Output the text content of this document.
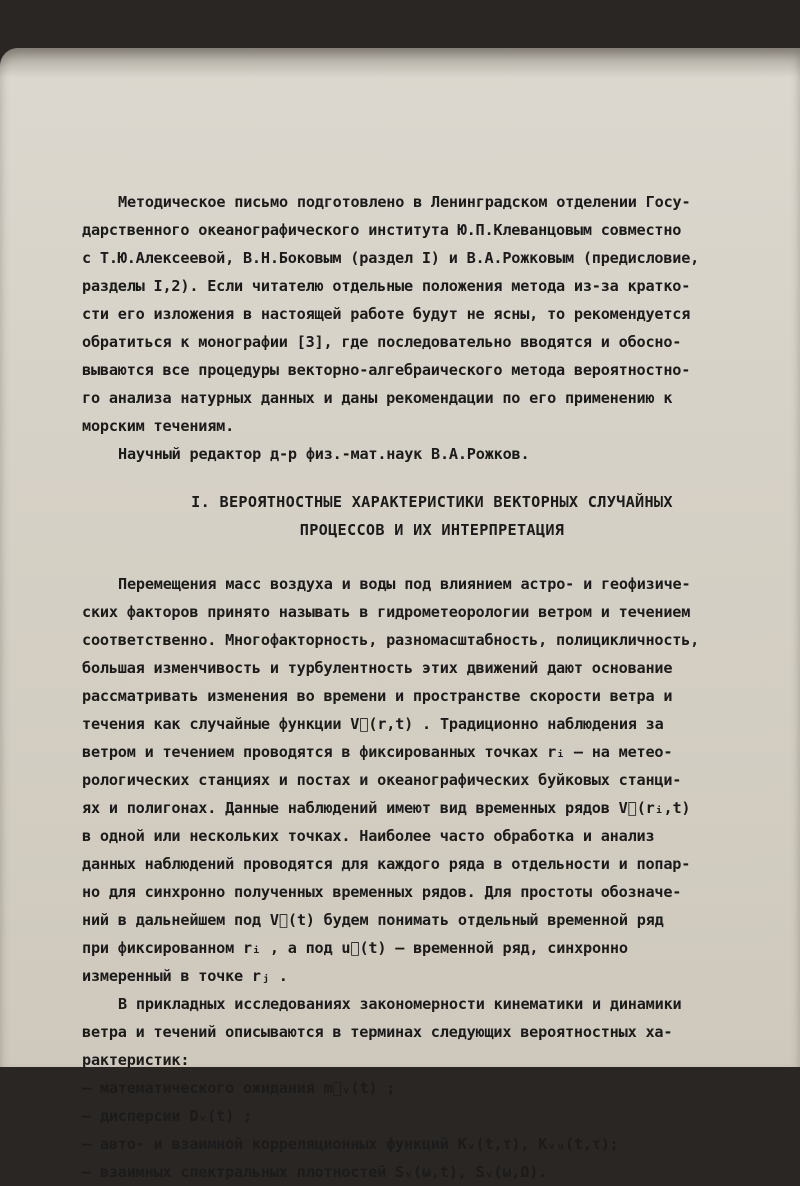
Методическое письмо подготовлено в Ленинградском отделении Госу-
дарственного океанографического института Ю.П.Клеванцовым совместно
с Т.Ю.Алексеевой, В.Н.Боковым (раздел I) и В.А.Рожковым (предисловие,
разделы I,2). Если читателю отдельные положения метода из-за кратко-
сти его изложения в настоящей работе будут не ясны, то рекомендуется
обратиться к монографии [3], где последовательно вводятся и обосно-
вываются все процедуры векторно-алгебраического метода вероятностно-
го анализа натурных данных и даны рекомендации по его применению к
морским течениям.
Научный редактор д-р физ.-мат.наук В.А.Рожков.
I. ВЕРОЯТНОСТНЫЕ ХАРАКТЕРИСТИКИ ВЕКТОРНЫХ СЛУЧАЙНЫХ
ПРОЦЕССОВ И ИХ ИНТЕРПРЕТАЦИЯ
Перемещения масс воздуха и воды под влиянием астро- и геофизиче-
ских факторов принято называть в гидрометеорологии ветром и течением
соответственно. Многофакторность, разномасштабность, полицикличность,
большая изменчивость и турбулентность этих движений дают основание
рассматривать изменения во времени и пространстве скорости ветра и
течения как случайные функции V⃗(r,t) . Традиционно наблюдения за
ветром и течением проводятся в фиксированных точках rᵢ – на метео-
рологических станциях и постах и океанографических буйковых станци-
ях и полигонах. Данные наблюдений имеют вид временных рядов V⃗(rᵢ,t)
в одной или нескольких точках. Наиболее часто обработка и анализ
данных наблюдений проводятся для каждого ряда в отдельности и попар-
но для синхронно полученных временных рядов. Для простоты обозначе-
ний в дальнейшем под V⃗(t) будем понимать отдельный временной ряд
при фиксированном rᵢ , а под u⃗(t) – временной ряд, синхронно
измеренный в точке rⱼ .
В прикладных исследованиях закономерности кинематики и динамики
ветра и течений описываются в терминах следующих вероятностных ха-
рактеристик:
– математического ожидания m⃗ᵥ(t) ;
– дисперсии Dᵥ(t) ;
– авто- и взаимной корреляционных функций Kᵥ(t,τ), Kᵥᵤ(t,τ);
– взаимных спектральных плотностей Sᵥ(ω,t), Sᵥ(ω,Ω).
